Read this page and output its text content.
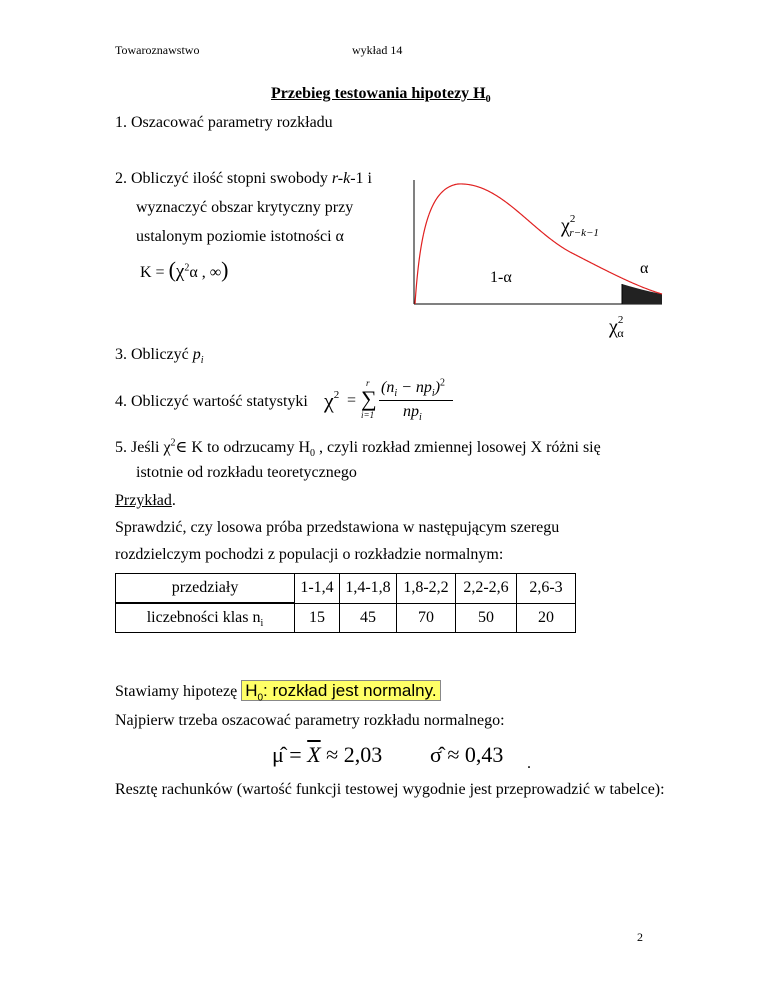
Towaroznawstwo	wykład 14
Przebieg testowania hipotezy $H_0$
1. Oszacować parametry rozkładu
2. Obliczyć ilość stopni swobody r-k-1 i
wyznaczyć obszar krytyczny przy
ustalonym poziomie istotności α
$K = (\chi^2\alpha$ , ∞)
$\chi^2_{r-k-1}$
1-α
α
$\chi^2_\alpha$
3. Obliczyć $p_i$
4. Obliczyć wartość statystyki $\chi^2$ = ∑
r
i=1
$(n_i - np_i)^2$
$np_i$
5. Jeśli $\chi^2\in$ K to odrzucamy $H_0$ , czyli rozkład zmiennej losowej X różni się
istotnie od rozkładu teoretycznego
Przykład.
Sprawdzić, czy losowa próba przedstawiona w następującym szeregu
rozdzielczym pochodzi z populacji o rozkładzie normalnym:
przedziały	1-1,4	1,4-1,8	1,8-2,2	2,2-2,6	2,6-3
liczebności klas $n_i$	15	45	70	50	20
Stawiamy hipotezę $H_0$: rozkład jest normalny.
Najpierw trzeba oszacować parametry rozkładu normalnego:
μ̂ = $\overline{X} \approx 2,03$ σ̂ ≈ 0,43 .
Resztę rachunków (wartość funkcji testowej wygodnie jest przeprowadzić w tabelce):
2
